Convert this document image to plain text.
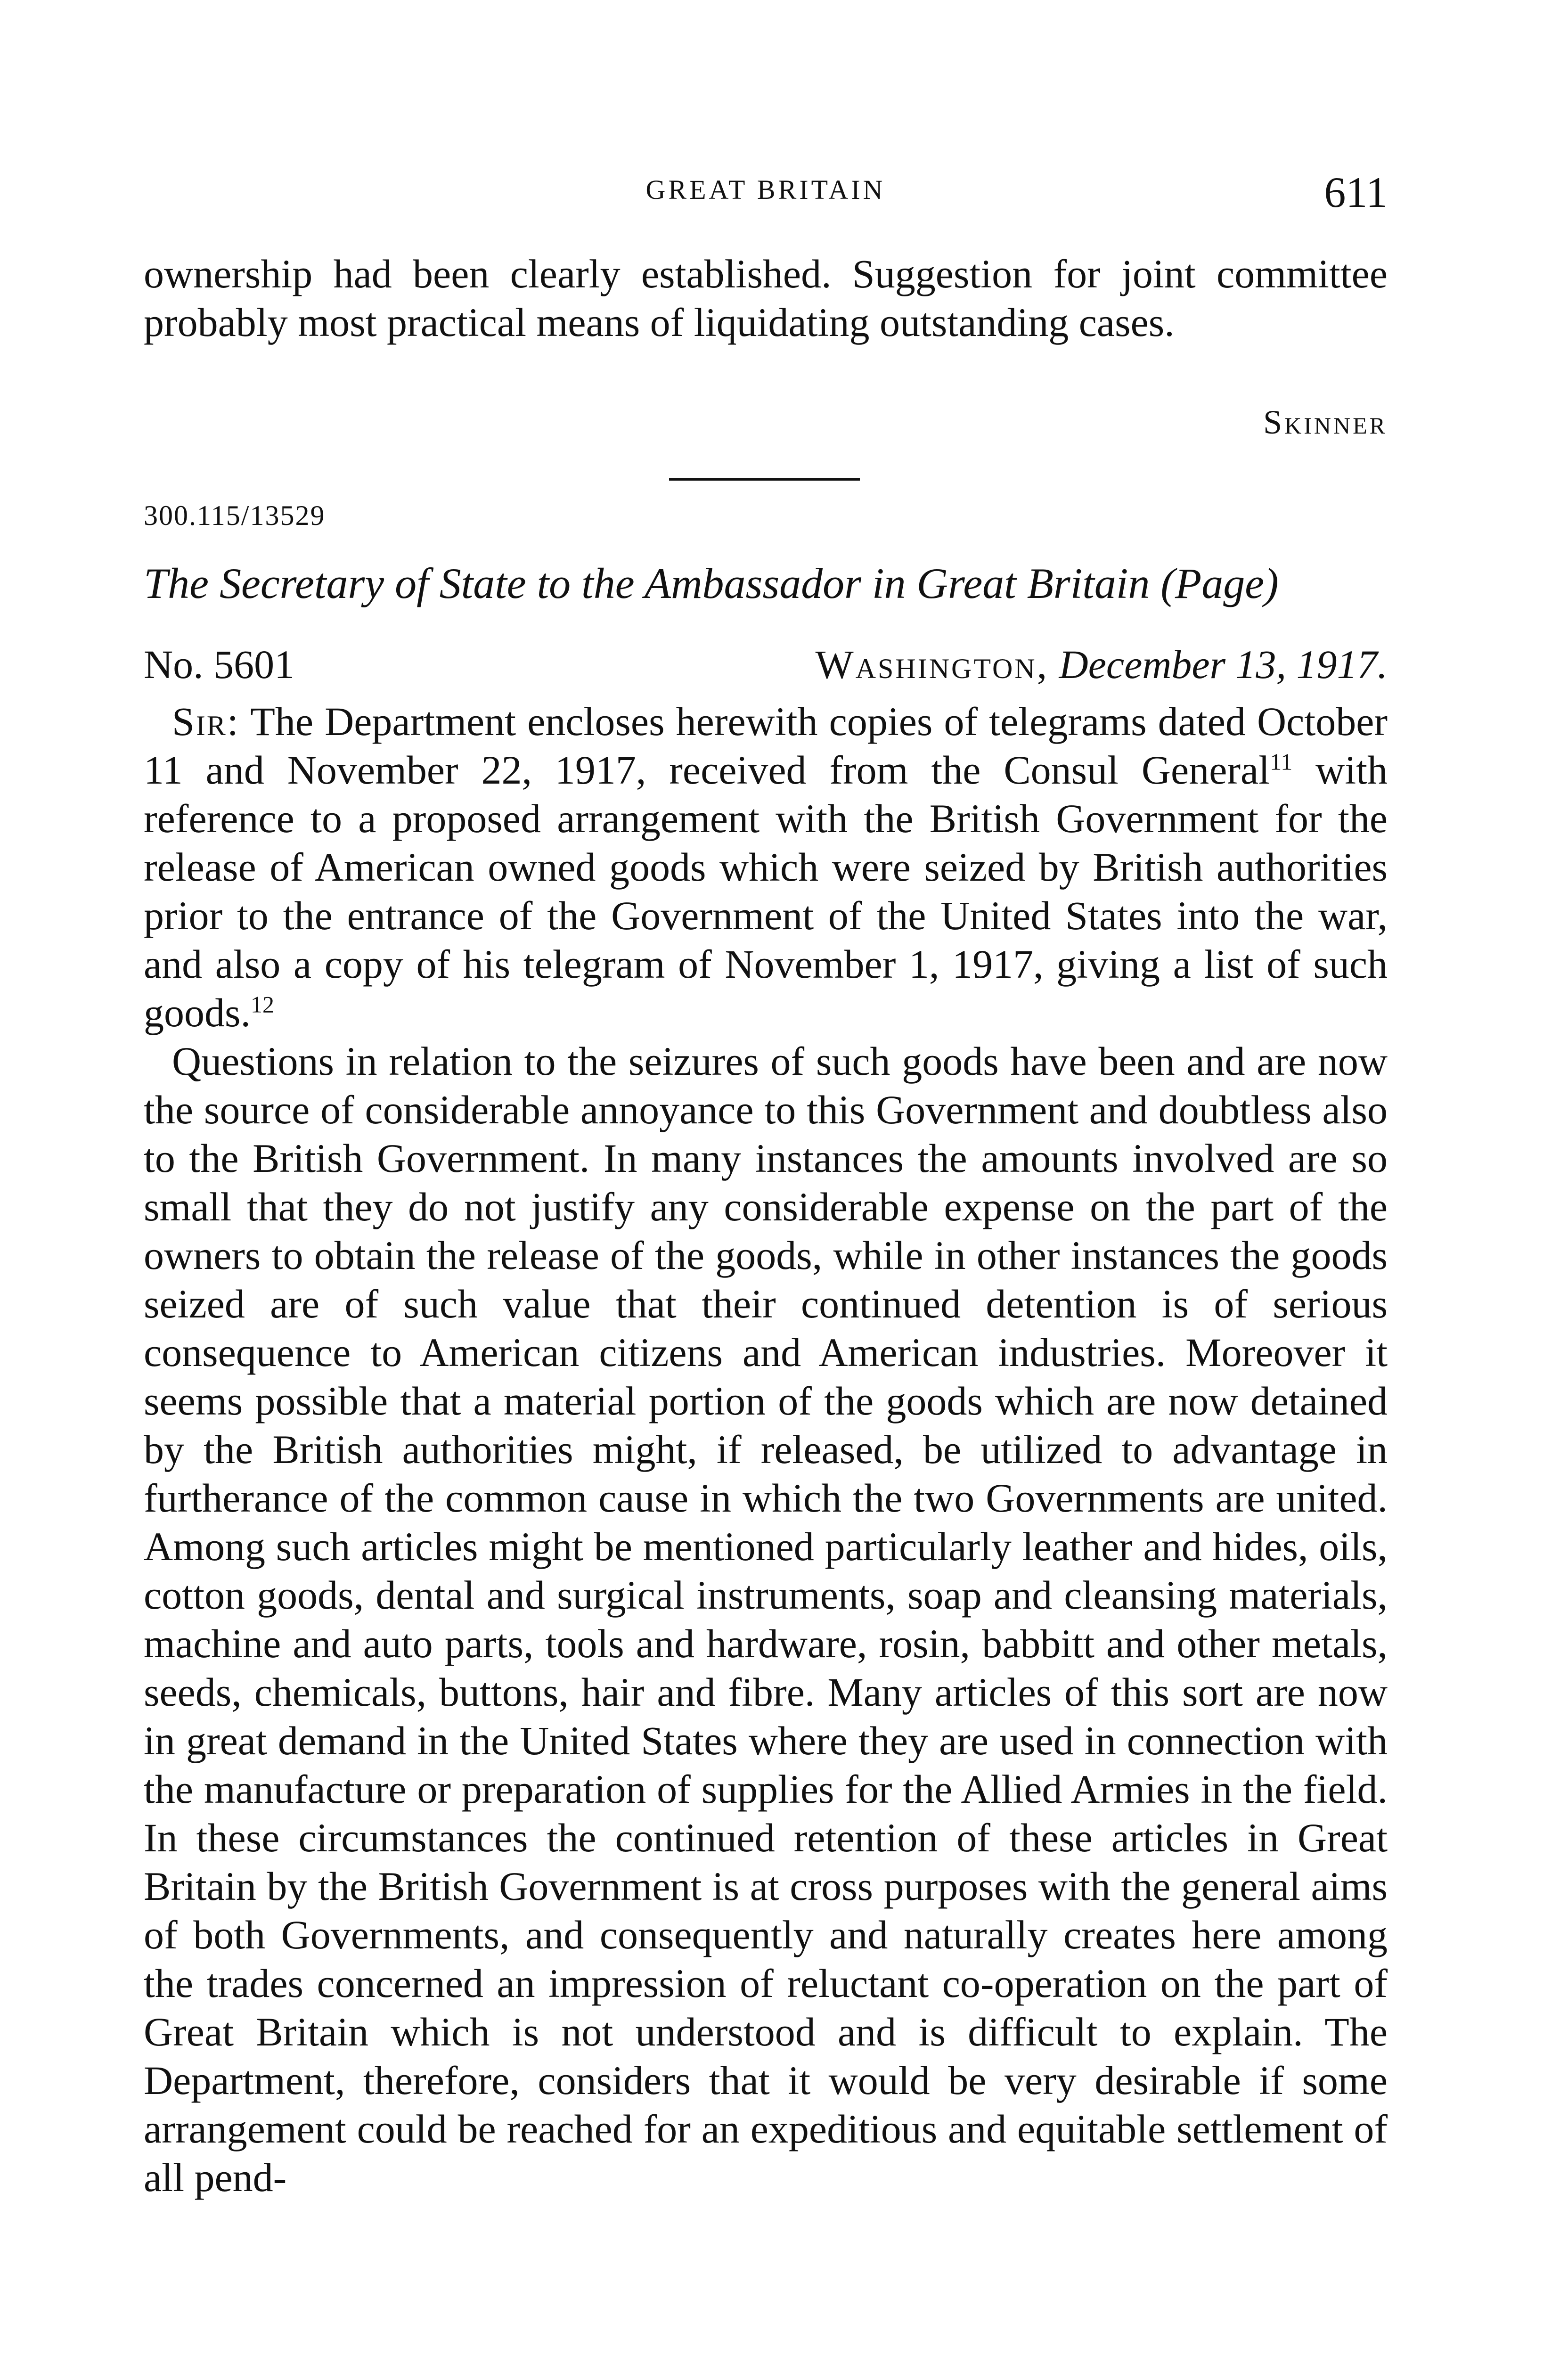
GREAT BRITAIN	611

ownership had been clearly established. Suggestion for joint committee probably most practical means of liquidating outstanding cases.

Skinner
300.115/13529
The Secretary of State to the Ambassador in Great Britain (Page)
No. 5601	Washington, December 13, 1917.

Sir: The Department encloses herewith copies of telegrams dated October 11 and November 22, 1917, received from the Consul General$^{11}$ with reference to a proposed arrangement with the British Government for the release of American owned goods which were seized by British authorities prior to the entrance of the Government of the United States into the war, and also a copy of his telegram of November 1, 1917, giving a list of such goods.$^{12}$

Questions in relation to the seizures of such goods have been and are now the source of considerable annoyance to this Government and doubtless also to the British Government. In many instances the amounts involved are so small that they do not justify any considerable expense on the part of the owners to obtain the release of the goods, while in other instances the goods seized are of such value that their continued detention is of serious consequence to American citizens and American industries. Moreover it seems possible that a material portion of the goods which are now detained by the British authorities might, if released, be utilized to advantage in furtherance of the common cause in which the two Governments are united. Among such articles might be mentioned particularly leather and hides, oils, cotton goods, dental and surgical instruments, soap and cleansing materials, machine and auto parts, tools and hardware, rosin, babbitt and other metals, seeds, chemicals, buttons, hair and fibre. Many articles of this sort are now in great demand in the United States where they are used in connection with the manufacture or preparation of supplies for the Allied Armies in the field. In these circumstances the continued retention of these articles in Great Britain by the British Government is at cross purposes with the general aims of both Governments, and consequently and naturally creates here among the trades concerned an impression of reluctant co-operation on the part of Great Britain which is not understood and is difficult to explain. The Department, therefore, considers that it would be very desirable if some arrangement could be reached for an expeditious and equitable settlement of all pend-
